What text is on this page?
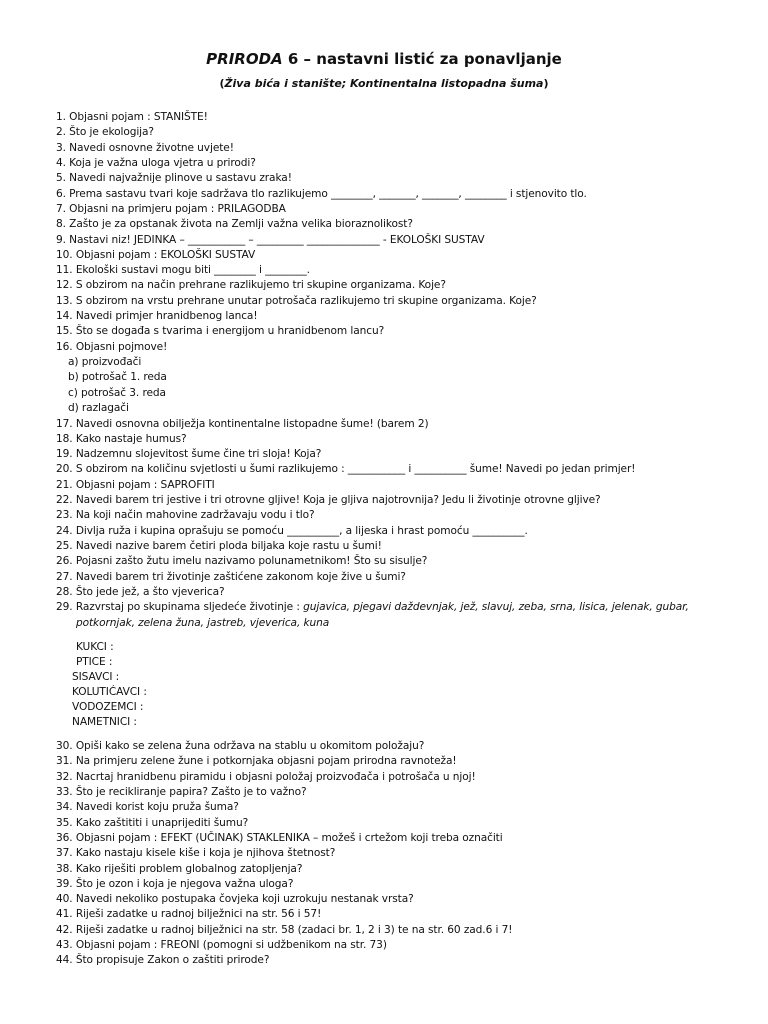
PRIRODA 6 – nastavni listić za ponavljanje
(Živa bića i stanište; Kontinentalna listopadna šuma)
1. Objasni pojam : STANIŠTE!
2. Što je ekologija?
3. Navedi osnovne životne uvjete!
4. Koja je važna uloga vjetra u prirodi?
5. Navedi najvažnije plinove u sastavu zraka!
6. Prema sastavu tvari koje sadržava tlo razlikujemo ________, _______, _______, ________ i stjenovito tlo.
7. Objasni na primjeru pojam : PRILAGODBA
8. Zašto je za opstanak života na Zemlji važna velika bioraznolikost?
9. Nastavi niz! JEDINKA – ___________ – _________ ______________ - EKOLOŠKI SUSTAV
10. Objasni pojam : EKOLOŠKI SUSTAV
11. Ekološki sustavi mogu biti ________ i ________.
12. S obzirom na način prehrane razlikujemo tri skupine organizama. Koje?
13. S obzirom na vrstu prehrane unutar potrošača razlikujemo tri skupine organizama. Koje?
14. Navedi primjer hranidbenog lanca!
15. Što se događa s tvarima i energijom u hranidbenom lancu?
16. Objasni pojmove!
a) proizvođači
b) potrošač 1. reda
c) potrošač 3. reda
d) razlagači
17. Navedi osnovna obilježja kontinentalne listopadne šume! (barem 2)
18. Kako nastaje humus?
19. Nadzemnu slojevitost šume čine tri sloja! Koja?
20. S obzirom na količinu svjetlosti u šumi razlikujemo : ___________ i __________ šume! Navedi po jedan primjer!
21. Objasni pojam : SAPROFITI
22. Navedi barem tri jestive i tri otrovne gljive! Koja je gljiva najotrovnija? Jedu li životinje otrovne gljive?
23. Na koji način mahovine zadržavaju vodu i tlo?
24. Divlja ruža i kupina oprašuju se pomoću __________, a lijeska i hrast pomoću __________.
25. Navedi nazive barem četiri ploda biljaka koje rastu u šumi!
26. Pojasni zašto žutu imelu nazivamo polunametnikom! Što su sisulje?
27. Navedi barem tri životinje zaštićene zakonom koje žive u šumi?
28. Što jede jež, a što vjeverica?
29. Razvrstaj po skupinama sljedeće životinje : gujavica, pjegavi daždevnjak, jež, slavuj, zeba, srna, lisica, jelenak, gubar,
potkornjak, zelena žuna, jastreb, vjeverica, kuna
KUKCI :
PTICE :
SISAVCI :
KOLUTIĆAVCI :
VODOZEMCI :
NAMETNICI :
30. Opiši kako se zelena žuna održava na stablu u okomitom položaju?
31. Na primjeru zelene žune i potkornjaka objasni pojam prirodna ravnoteža!
32. Nacrtaj hranidbenu piramidu i objasni položaj proizvođača i potrošača u njoj!
33. Što je recikliranje papira? Zašto je to važno?
34. Navedi korist koju pruža šuma?
35. Kako zaštititi i unaprijediti šumu?
36. Objasni pojam : EFEKT (UČINAK) STAKLENIKA – možeš i crtežom koji treba označiti
37. Kako nastaju kisele kiše i koja je njihova štetnost?
38. Kako riješiti problem globalnog zatopljenja?
39. Što je ozon i koja je njegova važna uloga?
40. Navedi nekoliko postupaka čovjeka koji uzrokuju nestanak vrsta?
41. Riješi zadatke u radnoj bilježnici na str. 56 i 57!
42. Riješi zadatke u radnoj bilježnici na str. 58 (zadaci br. 1, 2 i 3) te na str. 60 zad.6 i 7!
43. Objasni pojam : FREONI (pomogni si udžbenikom na str. 73)
44. Što propisuje Zakon o zaštiti prirode?
